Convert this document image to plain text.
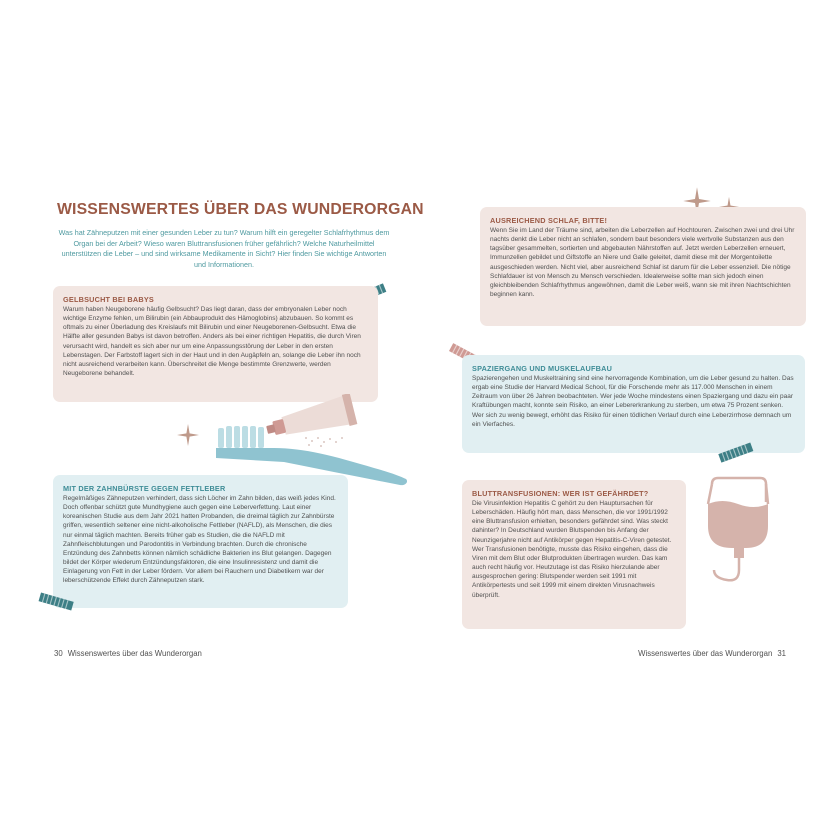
WISSENSWERTES ÜBER DAS WUNDERORGAN

Was hat Zähneputzen mit einer gesunden Leber zu tun? Warum hilft ein geregelter Schlafrhythmus dem Organ bei der Arbeit? Wieso waren Bluttransfusionen früher gefährlich? Welche Naturheilmittel unterstützen die Leber – und sind wirksame Medikamente in Sicht? Hier finden Sie wichtige Antworten und Informationen.

GELBSUCHT BEI BABYS

Warum haben Neugeborene häufig Gelbsucht? Das liegt daran, dass der embryonalen Leber noch wichtige Enzyme fehlen, um Bilirubin (ein Abbauprodukt des Hämoglobins) abzubauen. So kommt es oftmals zu einer Überladung des Kreislaufs mit Bilirubin und einer Neugeborenen-Gelbsucht. Etwa die Hälfte aller gesunden Babys ist davon betroffen. Anders als bei einer richtigen Hepatitis, die durch Viren verursacht wird, handelt es sich aber nur um eine Anpassungsstörung der Leber in den ersten Lebenstagen. Der Farbstoff lagert sich in der Haut und in den Augäpfeln an, solange die Leber ihn noch nicht ausreichend verarbeiten kann. Überschreitet die Menge bestimmte Grenzwerte, werden Neugeborene behandelt.

MIT DER ZAHNBÜRSTE GEGEN FETTLEBER

Regelmäßiges Zähneputzen verhindert, dass sich Löcher im Zahn bilden, das weiß jedes Kind. Doch offenbar schützt gute Mundhygiene auch gegen eine Leberverfettung. Laut einer koreanischen Studie aus dem Jahr 2021 hatten Probanden, die dreimal täglich zur Zahnbürste griffen, wesentlich seltener eine nicht-alkoholische Fettleber (NAFLD), als Menschen, die dies nur einmal täglich machten. Bereits früher gab es Studien, die die NAFLD mit Zahnfleischblutungen und Parodontitis in Verbindung brachten. Durch die chronische Entzündung des Zahnbetts können nämlich schädliche Bakterien ins Blut gelangen. Dagegen bildet der Körper wiederum Entzündungsfaktoren, die eine Insulinresistenz und damit die Einlagerung von Fett in der Leber fördern. Vor allem bei Rauchern und Diabetikern war der leberschützende Effekt durch Zähneputzen stark.

30 Wissenswertes über das Wunderorgan

AUSREICHEND SCHLAF, BITTE!

Wenn Sie im Land der Träume sind, arbeiten die Leberzellen auf Hochtouren. Zwischen zwei und drei Uhr nachts denkt die Leber nicht an schlafen, sondern baut besonders viele wertvolle Substanzen aus den tagsüber gesammelten, sortierten und abgebauten Nährstoffen auf. Jetzt werden Leberzellen erneuert, Immunzellen gebildet und Giftstoffe an Niere und Galle geleitet, damit diese mit der Morgentoilette ausgeschieden werden. Nicht viel, aber ausreichend Schlaf ist darum für die Leber essenziell. Die nötige Schlafdauer ist von Mensch zu Mensch verschieden. Idealerweise sollte man sich jedoch einen gleichbleibenden Schlafrhythmus angewöhnen, damit die Leber weiß, wann sie mit ihren Nachtschichten beginnen kann.

SPAZIERGANG UND MUSKELAUFBAU

Spazierengehen und Muskeltraining sind eine hervorragende Kombination, um die Leber gesund zu halten. Das ergab eine Studie der Harvard Medical School, für die Forschende mehr als 117.000 Menschen in einem Zeitraum von über 26 Jahren beobachteten. Wer jede Woche mindestens einen Spaziergang und dazu ein paar Kraftübungen macht, konnte sein Risiko, an einer Lebererkrankung zu sterben, um etwa 75 Prozent senken. Wer sich zu wenig bewegt, erhöht das Risiko für einen tödlichen Verlauf durch eine Leberzirrhose demnach um ein Vierfaches.

BLUTTRANSFUSIONEN: WER IST GEFÄHRDET?

Die Virusinfektion Hepatitis C gehört zu den Hauptursachen für Leberschäden. Häufig hört man, dass Menschen, die vor 1991/1992 eine Bluttransfusion erhielten, besonders gefährdet sind. Was steckt dahinter? In Deutschland wurden Blutspenden bis Anfang der Neunzigerjahre nicht auf Antikörper gegen Hepatitis-C-Viren getestet. Wer Transfusionen benötigte, musste das Risiko eingehen, dass die Viren mit dem Blut oder Blutprodukten übertragen wurden. Das kam auch recht häufig vor. Heutzutage ist das Risiko hierzulande aber ausgesprochen gering: Blutspender werden seit 1991 mit Antikörpertests und seit 1999 mit einem direkten Virusnachweis überprüft.

Wissenswertes über das Wunderorgan 31
